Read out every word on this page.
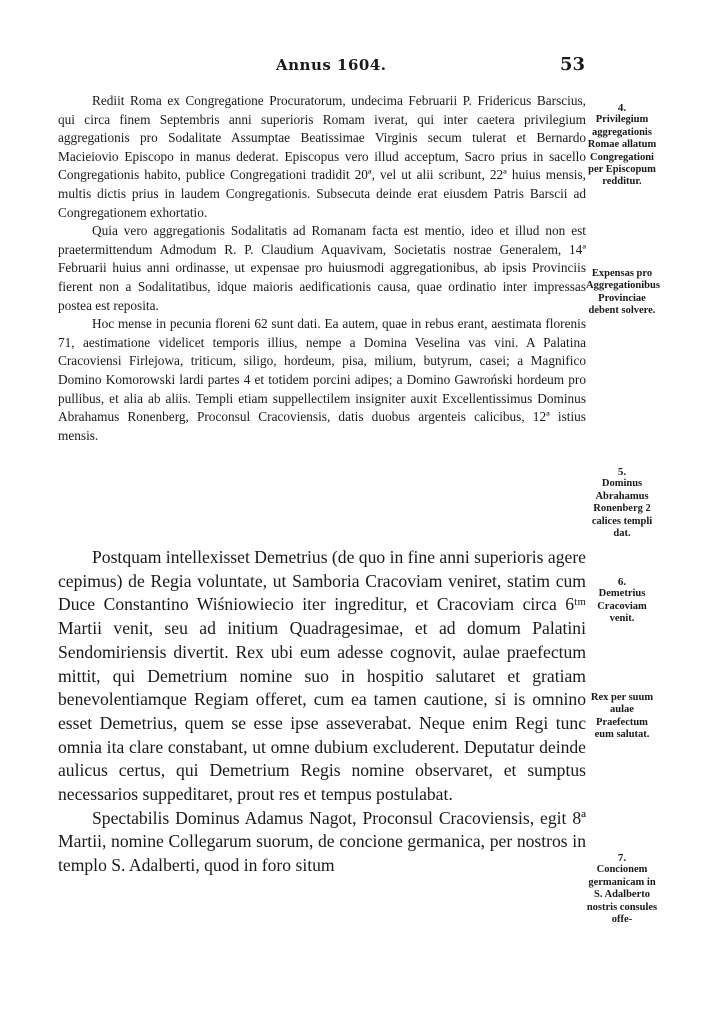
Annus 1604.	53

Rediit Roma ex Congregatione Procuratorum, undecima Februarii P. Fridericus Barscius, qui circa finem Septembris anni superioris Romam iverat, qui inter caetera privilegium aggregationis pro Sodalitate Assumptae Beatissimae Virginis secum tulerat et Bernardo Macieiovio Episcopo in manus dederat. Episcopus vero illud acceptum, Sacro prius in sacello Congregationis habito, publice Congregationi tradidit 20ª, vel ut alii scribunt, 22ª huius mensis, multis dictis prius in laudem Congregationis. Subsecuta deinde erat eiusdem Patris Barscii ad Congregationem exhortatio.

Quia vero aggregationis Sodalitatis ad Romanam facta est mentio, ideo et illud non est praetermittendum Admodum R. P. Claudium Aquavivam, Societatis nostrae Generalem, 14ª Februarii huius anni ordinasse, ut expensae pro huiusmodi aggregationibus, ab ipsis Provinciis fierent non a Sodalitatibus, idque maioris aedificationis causa, quae ordinatio inter impressas postea est reposita.

Hoc mense in pecunia floreni 62 sunt dati. Ea autem, quae in rebus erant, aestimata florenis 71, aestimatione videlicet temporis illius, nempe a Domina Veselina vas vini. A Palatina Cracoviensi Firlejowa, triticum, siligo, hordeum, pisa, milium, butyrum, casei; a Magnifico Domino Komorowski lardi partes 4 et totidem porcini adipes; a Domino Gawroński hordeum pro pullibus, et alia ab aliis. Templi etiam suppellectilem insigniter auxit Excellentissimus Dominus Abrahamus Ronenberg, Proconsul Cracoviensis, datis duobus argenteis calicibus, 12ª istius mensis.

Postquam intellexisset Demetrius (de quo in fine anni superioris agere cepimus) de Regia voluntate, ut Samboria Cracoviam veniret, statim cum Duce Constantino Wiśniowiecio iter ingreditur, et Cracoviam circa 6ᵗᵐ Martii venit, seu ad initium Quadragesimae, et ad domum Palatini Sendomiriensis divertit. Rex ubi eum adesse cognovit, aulae praefectum mittit, qui Demetrium nomine suo in hospitio salutaret et gratiam benevolentiamque Regiam offeret, cum ea tamen cautione, si is omnino esset Demetrius, quem se esse ipse asseverabat. Neque enim Regi tunc omnia ita clare constabant, ut omne dubium excluderent. Deputatur deinde aulicus certus, qui Demetrium Regis nomine observaret, et sumptus necessarios suppeditaret, prout res et tempus postulabat.

Spectabilis Dominus Adamus Nagot, Proconsul Cracoviensis, egit 8ª Martii, nomine Collegarum suorum, de concione germanica, per nostros in templo S. Adalberti, quod in foro situm

4.
Privilegium aggregationis Romae allatum Congregationi per Episcopum redditur.
Expensas pro Aggregationibus Provinciae debent solvere.
5.
Dominus Abrahamus Ronenberg 2 calices templi dat.
6.
Demetrius Cracoviam venit.
Rex per suum aulae Praefectum eum salutat.
7.
Concionem germanicam in S. Adalberto nostris consules offe-
